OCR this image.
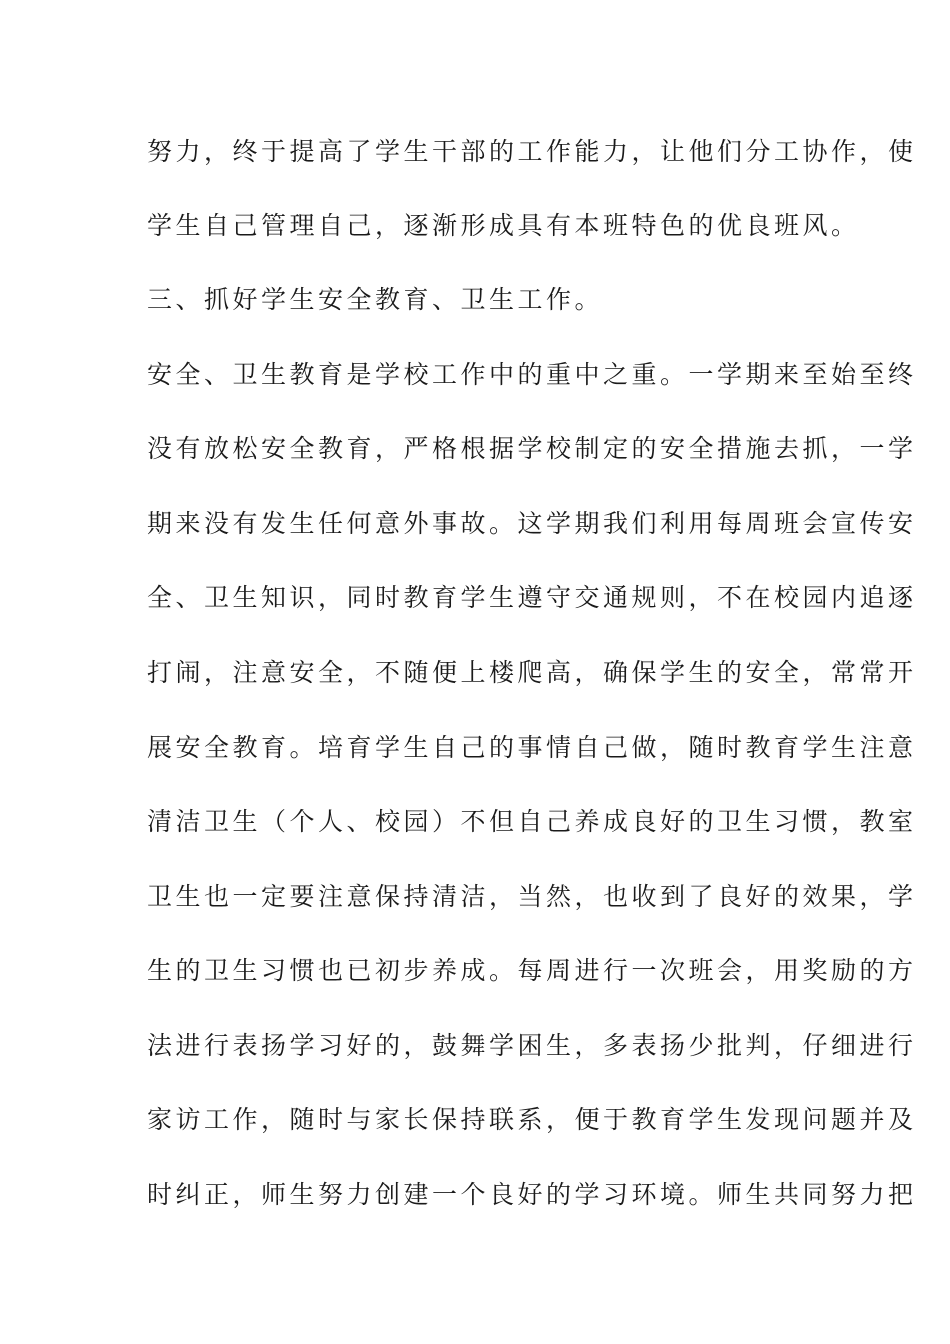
努力，终于提高了学生干部的工作能力，让他们分工协作，使
学生自己管理自己，逐渐形成具有本班特色的优良班风。
三、抓好学生安全教育、卫生工作。
安全、卫生教育是学校工作中的重中之重。一学期来至始至终
没有放松安全教育，严格根据学校制定的安全措施去抓，一学
期来没有发生任何意外事故。这学期我们利用每周班会宣传安
全、卫生知识，同时教育学生遵守交通规则，不在校园内追逐
打闹，注意安全，不随便上楼爬高，确保学生的安全，常常开
展安全教育。培育学生自己的事情自己做，随时教育学生注意
清洁卫生（个人、校园）不但自己养成良好的卫生习惯，教室
卫生也一定要注意保持清洁，当然，也收到了良好的效果，学
生的卫生习惯也已初步养成。每周进行一次班会，用奖励的方
法进行表扬学习好的，鼓舞学困生，多表扬少批判，仔细进行
家访工作，随时与家长保持联系，便于教育学生发现问题并及
时纠正，师生努力创建一个良好的学习环境。师生共同努力把
